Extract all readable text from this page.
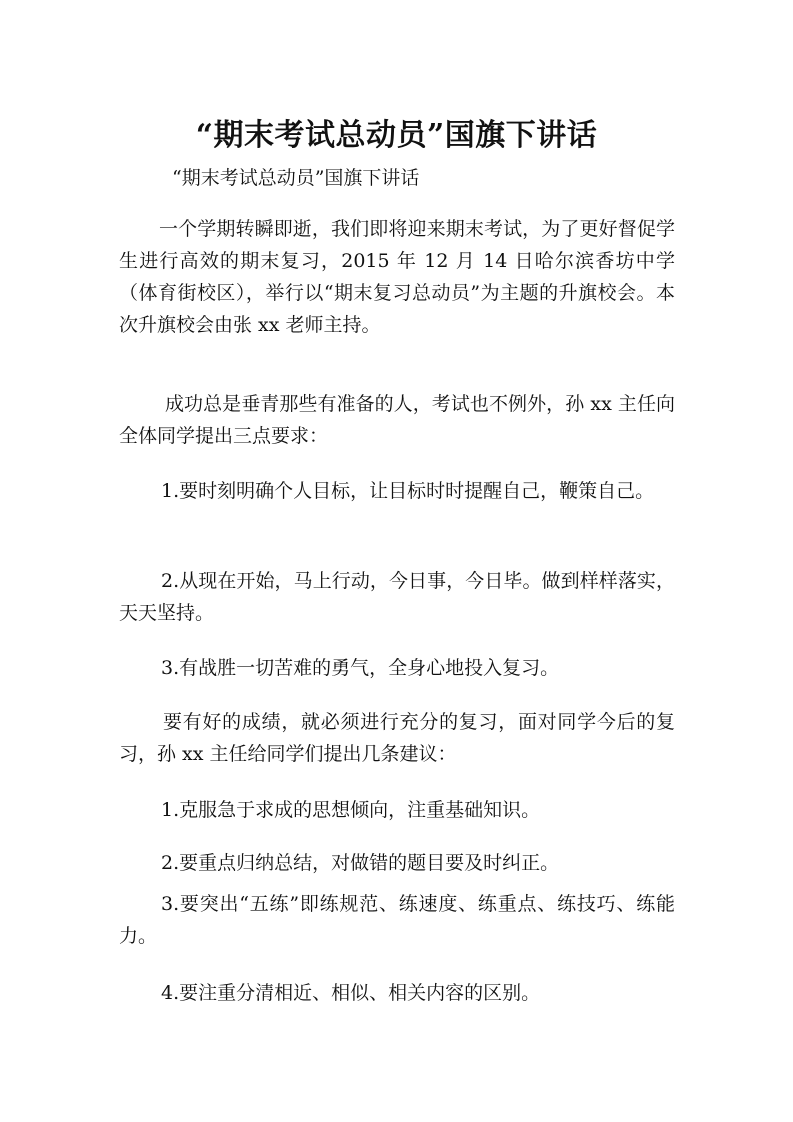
“期末考试总动员”国旗下讲话

“期末考试总动员”国旗下讲话

一个学期转瞬即逝，我们即将迎来期末考试，为了更好督促学生进行高效的期末复习，2015 年 12 月 14 日哈尔滨香坊中学（体育街校区），举行以“期末复习总动员”为主题的升旗校会。本次升旗校会由张 xx 老师主持。

成功总是垂青那些有准备的人，考试也不例外，孙 xx 主任向全体同学提出三点要求：

1.要时刻明确个人目标，让目标时时提醒自己，鞭策自己。

2.从现在开始，马上行动，今日事，今日毕。做到样样落实，天天坚持。

3.有战胜一切苦难的勇气，全身心地投入复习。

要有好的成绩，就必须进行充分的复习，面对同学今后的复习，孙 xx 主任给同学们提出几条建议：

1.克服急于求成的思想倾向，注重基础知识。

2.要重点归纳总结，对做错的题目要及时纠正。

3.要突出“五练”即练规范、练速度、练重点、练技巧、练能力。

4.要注重分清相近、相似、相关内容的区别。
